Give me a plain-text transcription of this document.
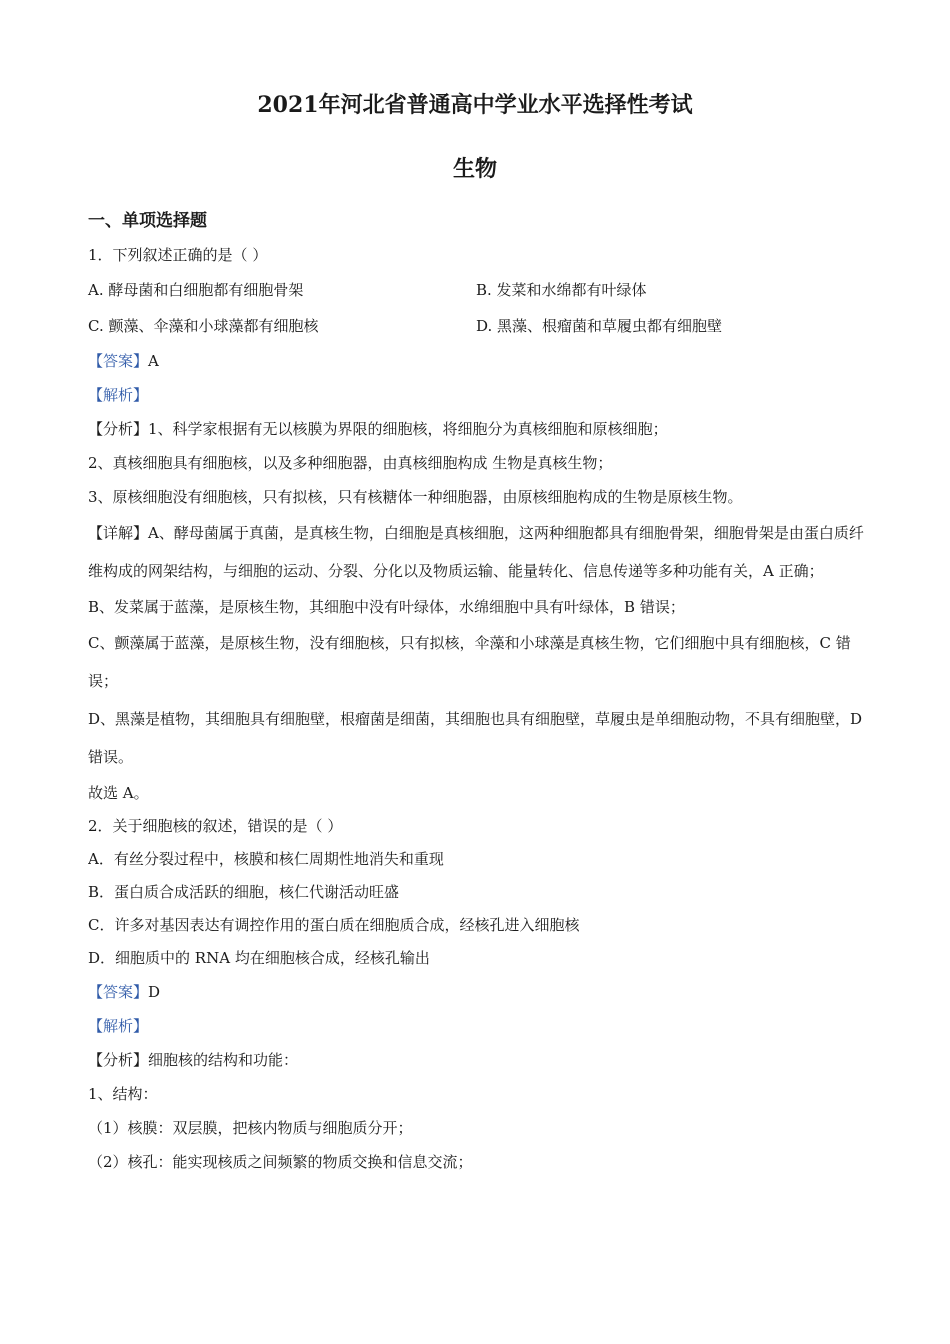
2021年河北省普通高中学业水平选择性考试
生物
一、单项选择题

1．下列叙述正确的是（ ）

A. 酵母菌和白细胞都有细胞骨架	B. 发菜和水绵都有叶绿体
C. 颤藻、伞藻和小球藻都有细胞核	D. 黑藻、根瘤菌和草履虫都有细胞壁

【答案】A

【解析】

【分析】1、科学家根据有无以核膜为界限的细胞核，将细胞分为真核细胞和原核细胞；

2、真核细胞具有细胞核，以及多种细胞器，由真核细胞构成 生物是真核生物；

3、原核细胞没有细胞核，只有拟核，只有核糖体一种细胞器，由原核细胞构成的生物是原核生物。

【详解】A、酵母菌属于真菌，是真核生物，白细胞是真核细胞，这两种细胞都具有细胞骨架，细胞骨架是由蛋白质纤维构成的网架结构，与细胞的运动、分裂、分化以及物质运输、能量转化、信息传递等多种功能有关，A 正确；

B、发菜属于蓝藻，是原核生物，其细胞中没有叶绿体，水绵细胞中具有叶绿体，B 错误；

C、颤藻属于蓝藻，是原核生物，没有细胞核，只有拟核，伞藻和小球藻是真核生物，它们细胞中具有细胞核，C 错误；

D、黑藻是植物，其细胞具有细胞壁，根瘤菌是细菌，其细胞也具有细胞壁，草履虫是单细胞动物，不具有细胞壁，D 错误。

故选 A。

2．关于细胞核的叙述，错误的是（ ）

A．有丝分裂过程中，核膜和核仁周期性地消失和重现

B．蛋白质合成活跃的细胞，核仁代谢活动旺盛

C．许多对基因表达有调控作用的蛋白质在细胞质合成，经核孔进入细胞核

D．细胞质中的 RNA 均在细胞核合成，经核孔输出

【答案】D

【解析】

【分析】细胞核的结构和功能：

1、结构：

（1）核膜：双层膜，把核内物质与细胞质分开；

（2）核孔：能实现核质之间频繁的物质交换和信息交流；
